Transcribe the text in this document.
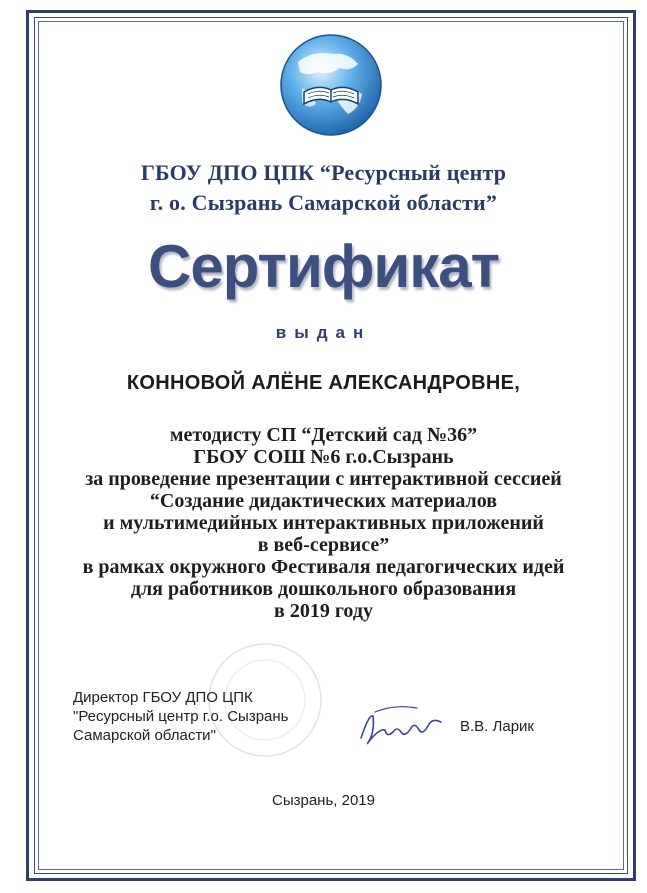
ГБОУ ДПО ЦПК “Ресурсный центр
г. о. Сызрань Самарской области”
Сертификат
выдан
КОННОВОЙ АЛЁНЕ АЛЕКСАНДРОВНЕ,
методисту СП “Детский сад №36”
ГБОУ СОШ №6 г.о.Сызрань
за проведение презентации с интерактивной сессией
“Создание дидактических материалов
и мультимедийных интерактивных приложений
в веб-сервисе”
в рамках окружного Фестиваля педагогических идей
для работников дошкольного образования
в 2019 году
Директор ГБОУ ДПО ЦПК
"Ресурсный центр г.о. Сызрань
Самарской области"
В.В. Ларик
Сызрань, 2019
